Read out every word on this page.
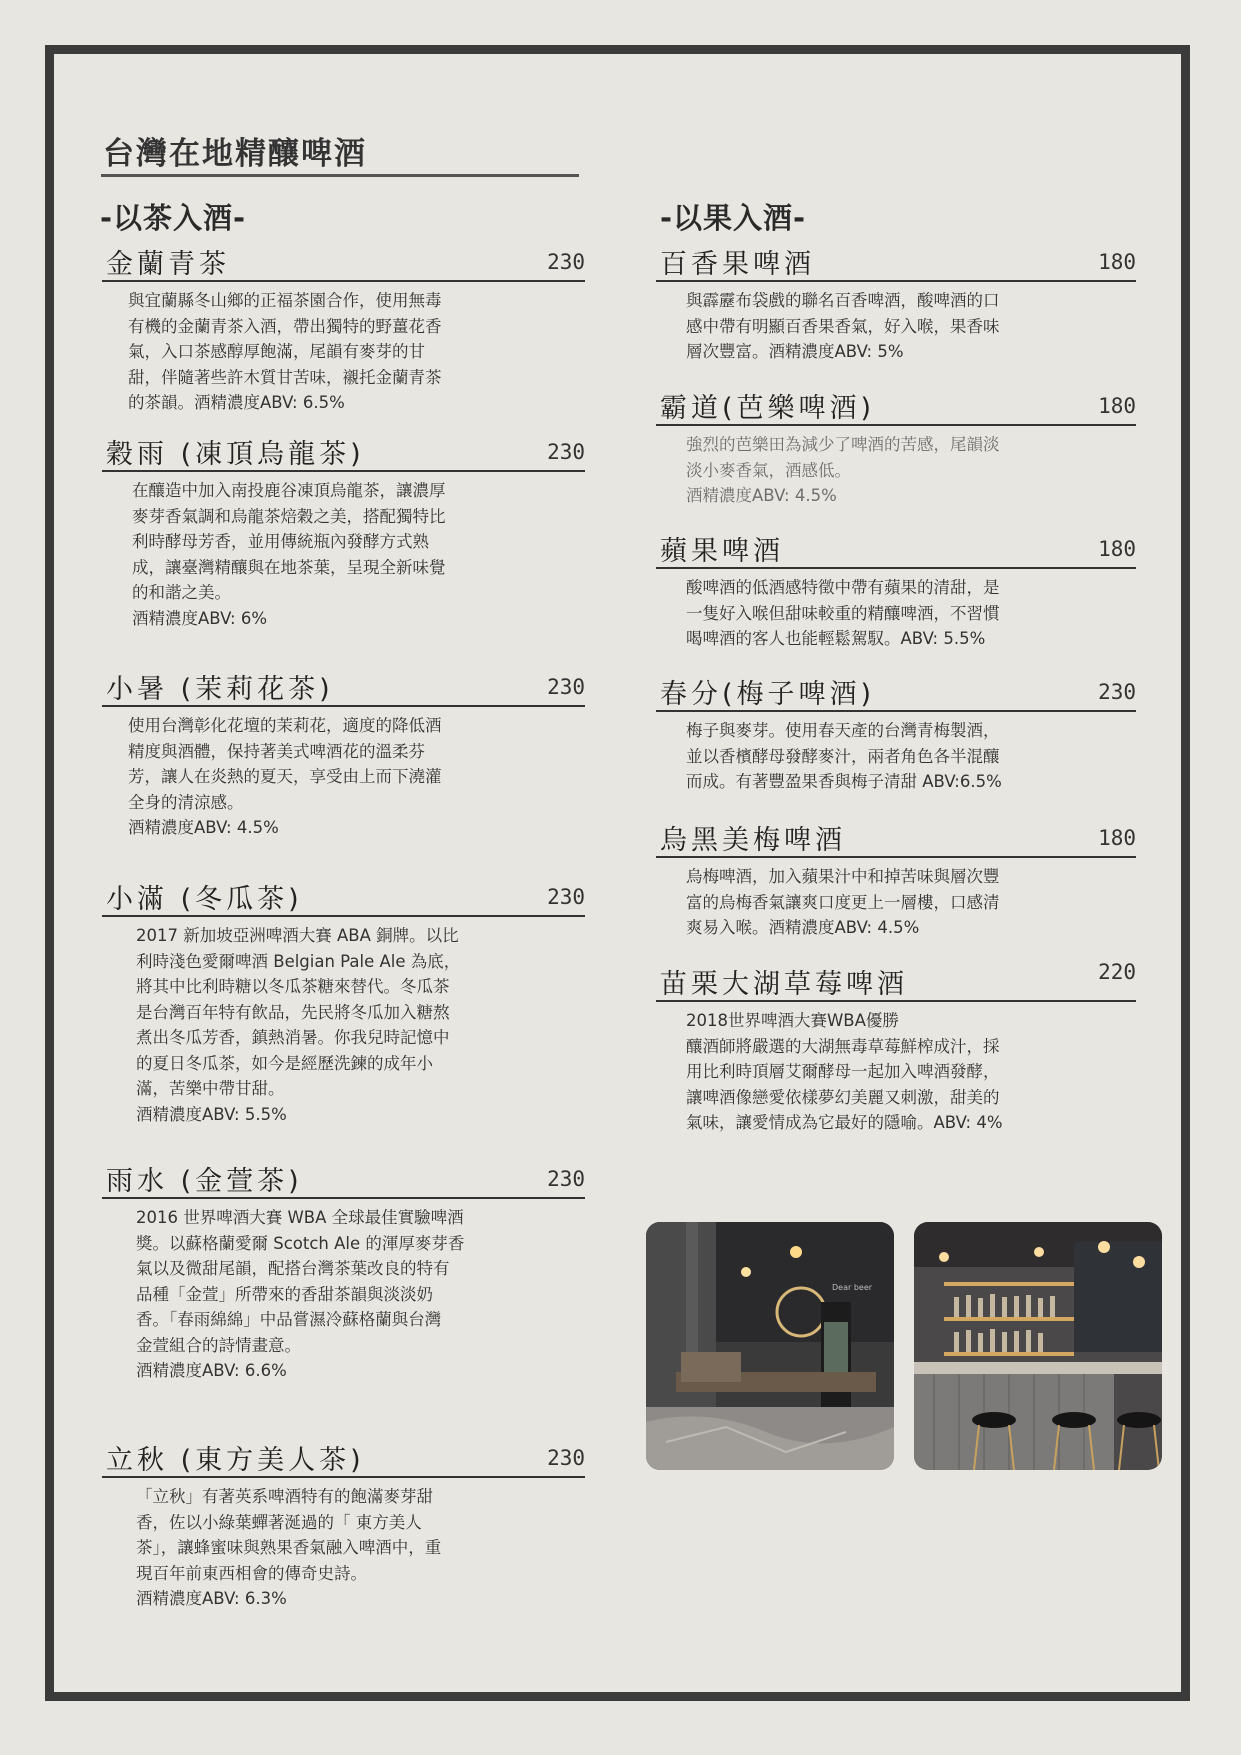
台灣在地精釀啤酒
-以茶入酒-
金蘭青茶	230
與宜蘭縣冬山鄉的正福茶園合作，使用無毒
有機的金蘭青茶入酒，帶出獨特的野薑花香
氣，入口茶感醇厚飽滿，尾韻有麥芽的甘
甜，伴隨著些許木質甘苦味，襯托金蘭青茶
的茶韻。酒精濃度ABV: 6.5%
穀雨 (凍頂烏龍茶)	230
在釀造中加入南投鹿谷凍頂烏龍茶，讓濃厚
麥芽香氣調和烏龍茶焙穀之美，搭配獨特比
利時酵母芳香，並用傳統瓶內發酵方式熟
成，讓臺灣精釀與在地茶葉，呈現全新味覺
的和諧之美。
酒精濃度ABV: 6%
小暑 (茉莉花茶)	230
使用台灣彰化花壇的茉莉花，適度的降低酒
精度與酒體，保持著美式啤酒花的溫柔芬
芳，讓人在炎熱的夏天，享受由上而下澆灌
全身的清涼感。
酒精濃度ABV: 4.5%
小滿 (冬瓜茶)	230
2017 新加坡亞洲啤酒大賽 ABA 銅牌。以比
利時淺色愛爾啤酒 Belgian Pale Ale 為底，
將其中比利時糖以冬瓜茶糖來替代。冬瓜茶
是台灣百年特有飲品，先民將冬瓜加入糖熬
煮出冬瓜芳香，鎮熱消暑。你我兒時記憶中
的夏日冬瓜茶，如今是經歷洗鍊的成年小
滿，苦樂中帶甘甜。
酒精濃度ABV: 5.5%
雨水 (金萱茶)	230
2016 世界啤酒大賽 WBA 全球最佳實驗啤酒
獎。以蘇格蘭愛爾 Scotch Ale 的渾厚麥芽香
氣以及微甜尾韻，配搭台灣茶葉改良的特有
品種「金萱」所帶來的香甜茶韻與淡淡奶
香。「春雨綿綿」中品嘗濕冷蘇格蘭與台灣
金萱組合的詩情畫意。
酒精濃度ABV: 6.6%
立秋 (東方美人茶)	230
「立秋」有著英系啤酒特有的飽滿麥芽甜
香，佐以小綠葉蟬著涎過的「 東方美人
茶」，讓蜂蜜味與熟果香氣融入啤酒中，重
現百年前東西相會的傳奇史詩。
酒精濃度ABV: 6.3%
-以果入酒-
百香果啤酒	180
與霹靂布袋戲的聯名百香啤酒，酸啤酒的口
感中帶有明顯百香果香氣，好入喉，果香味
層次豐富。酒精濃度ABV: 5%
霸道(芭樂啤酒)	180
強烈的芭樂田為減少了啤酒的苦感，尾韻淡
淡小麥香氣，酒感低。
酒精濃度ABV: 4.5%
蘋果啤酒	180
酸啤酒的低酒感特徵中帶有蘋果的清甜，是
一隻好入喉但甜味較重的精釀啤酒，不習慣
喝啤酒的客人也能輕鬆駕馭。ABV: 5.5%
春分(梅子啤酒)	230
梅子與麥芽。使用春天產的台灣青梅製酒，
並以香檳酵母發酵麥汁，兩者角色各半混釀
而成。有著豐盈果香與梅子清甜 ABV:6.5%
烏黑美梅啤酒	180
烏梅啤酒，加入蘋果汁中和掉苦味與層次豐
富的烏梅香氣讓爽口度更上一層樓，口感清
爽易入喉。酒精濃度ABV: 4.5%
苗栗大湖草莓啤酒	220
2018世界啤酒大賽WBA優勝
釀酒師將嚴選的大湖無毒草莓鮮榨成汁，採
用比利時頂層艾爾酵母一起加入啤酒發酵，
讓啤酒像戀愛依樣夢幻美麗又刺激，甜美的
氣味，讓愛情成為它最好的隱喻。ABV: 4%
Dear beer
